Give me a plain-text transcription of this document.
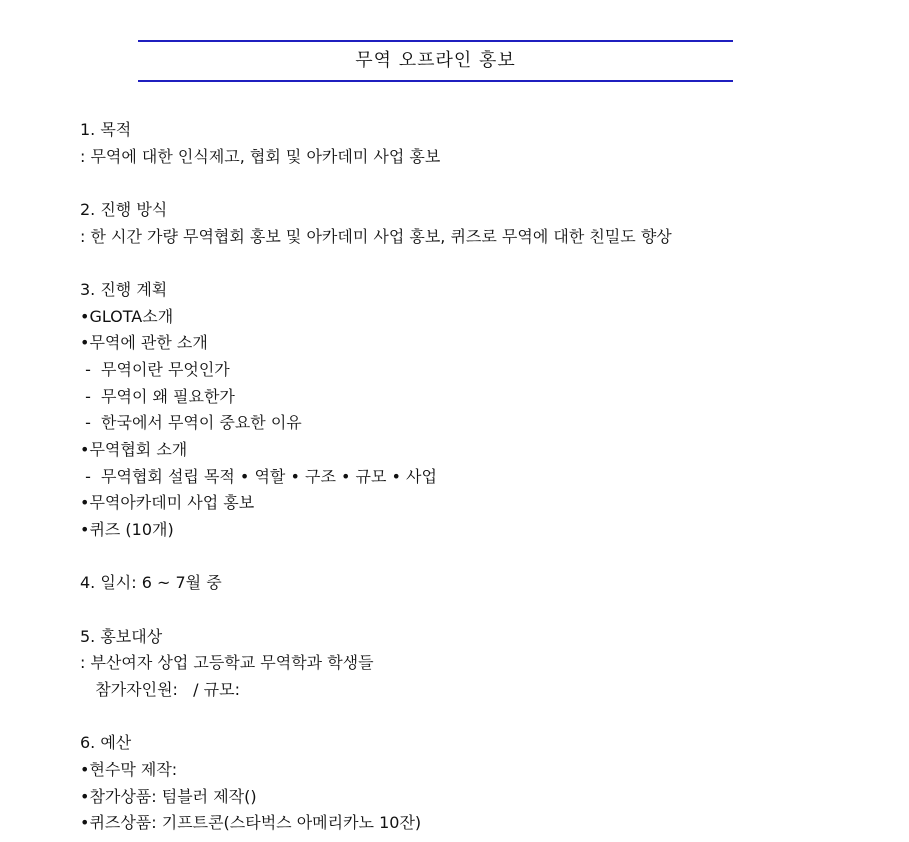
무역 오프라인 홍보
1. 목적
: 무역에 대한 인식제고, 협회 및 아카데미 사업 홍보
2. 진행 방식
: 한 시간 가량 무역협회 홍보 및 아카데미 사업 홍보, 퀴즈로 무역에 대한 친밀도 향상
3. 진행 계획
•GLOTA소개
•무역에 관한 소개
-  무역이란 무엇인가
-  무역이 왜 필요한가
-  한국에서 무역이 중요한 이유
•무역협회 소개
-  무역협회 설립 목적 • 역할 • 구조 • 규모 • 사업
•무역아카데미 사업 홍보
•퀴즈 (10개)
4. 일시: 6 ~ 7월 중
5. 홍보대상
: 부산여자 상업 고등학교 무역학과 학생들
참가자인원:   / 규모:
6. 예산
•현수막 제작:
•참가상품: 텀블러 제작()
•퀴즈상품: 기프트콘(스타벅스 아메리카노 10잔)
